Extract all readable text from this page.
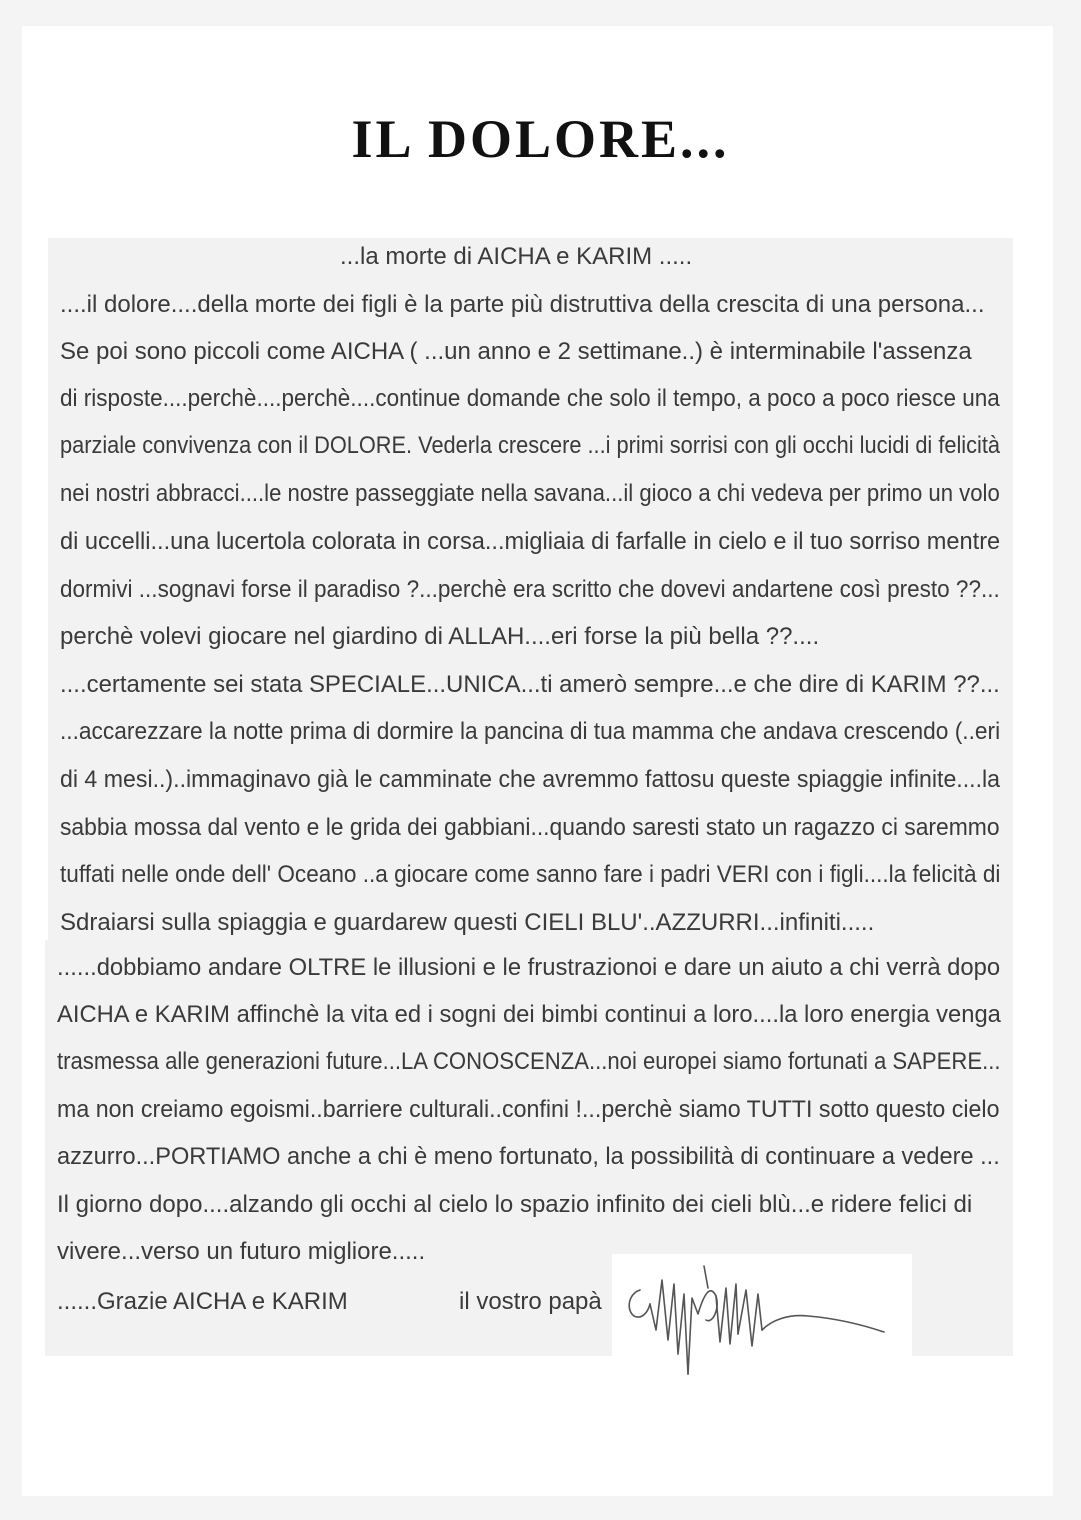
IL DOLORE...
...la morte di AICHA e KARIM .....
....il dolore....della morte dei figli è la parte più distruttiva della crescita di una persona...
Se poi sono piccoli come AICHA ( ...un anno e 2 settimane..) è interminabile l'assenza
di risposte....perchè....perchè....continue domande che solo il tempo, a poco a poco riesce una
parziale convivenza con il DOLORE. Vederla crescere ...i primi sorrisi con gli occhi lucidi di felicità
nei nostri abbracci....le nostre passeggiate nella savana...il gioco a chi vedeva per primo un volo
di uccelli...una lucertola colorata in corsa...migliaia di farfalle in cielo e il tuo sorriso mentre
dormivi ...sognavi forse il paradiso ?...perchè era scritto che dovevi andartene così presto ??...
perchè volevi giocare nel giardino di ALLAH....eri forse la più bella ??....
....certamente sei stata SPECIALE...UNICA...ti amerò sempre...e che dire di KARIM ??...
...accarezzare la notte prima di dormire la pancina di tua mamma che andava crescendo (..eri
di 4 mesi..)..immaginavo già le camminate che avremmo fattosu queste spiaggie infinite....la
sabbia mossa dal vento e le grida dei gabbiani...quando saresti stato un ragazzo ci saremmo
tuffati nelle onde dell' Oceano ..a giocare come sanno fare i padri VERI con i figli....la felicità di
Sdraiarsi sulla spiaggia e guardarew questi CIELI BLU'..AZZURRI...infiniti.....
......dobbiamo andare OLTRE le illusioni e le frustrazionoi e dare un aiuto a chi verrà dopo
AICHA e KARIM affinchè la vita ed i sogni dei bimbi continui a loro....la loro energia venga
trasmessa alle generazioni future...LA CONOSCENZA...noi europei siamo fortunati a SAPERE...
ma non creiamo egoismi..barriere culturali..confini !...perchè siamo TUTTI sotto questo cielo
azzurro...PORTIAMO anche a chi è meno fortunato, la possibilità di continuare a vedere ...
Il giorno dopo....alzando gli occhi al cielo lo spazio infinito dei cieli blù...e ridere felici di
vivere...verso un futuro migliore.....
......Grazie AICHA e KARIM	il vostro papà
